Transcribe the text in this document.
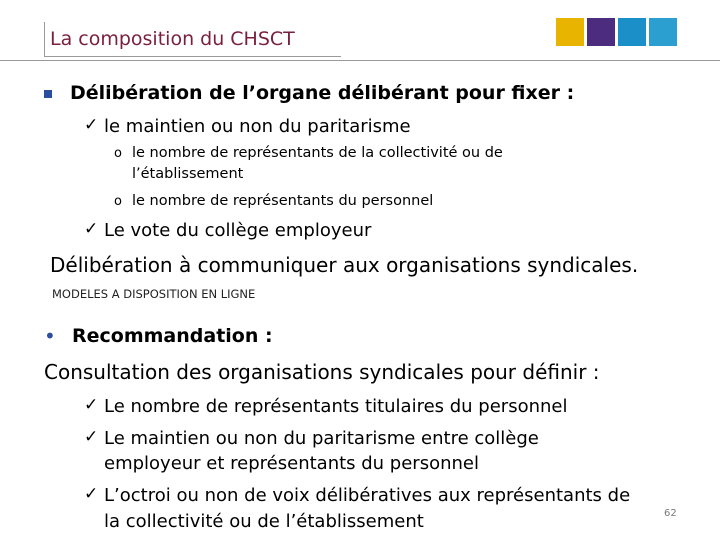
La composition du CHSCT
Délibération de l’organe délibérant pour fixer :
✓ le maintien ou non du paritarisme
o le nombre de représentants de la collectivité ou de
l’établissement
o le nombre de représentants du personnel
✓ Le vote du collège employeur
Délibération à communiquer aux organisations syndicales.
MODELES A DISPOSITION EN LIGNE
• Recommandation :
Consultation des organisations syndicales pour définir :
✓ Le nombre de représentants titulaires du personnel
✓ Le maintien ou non du paritarisme entre collège
employeur et représentants du personnel
✓ L’octroi ou non de voix délibératives aux représentants de
la collectivité ou de l’établissement	62
